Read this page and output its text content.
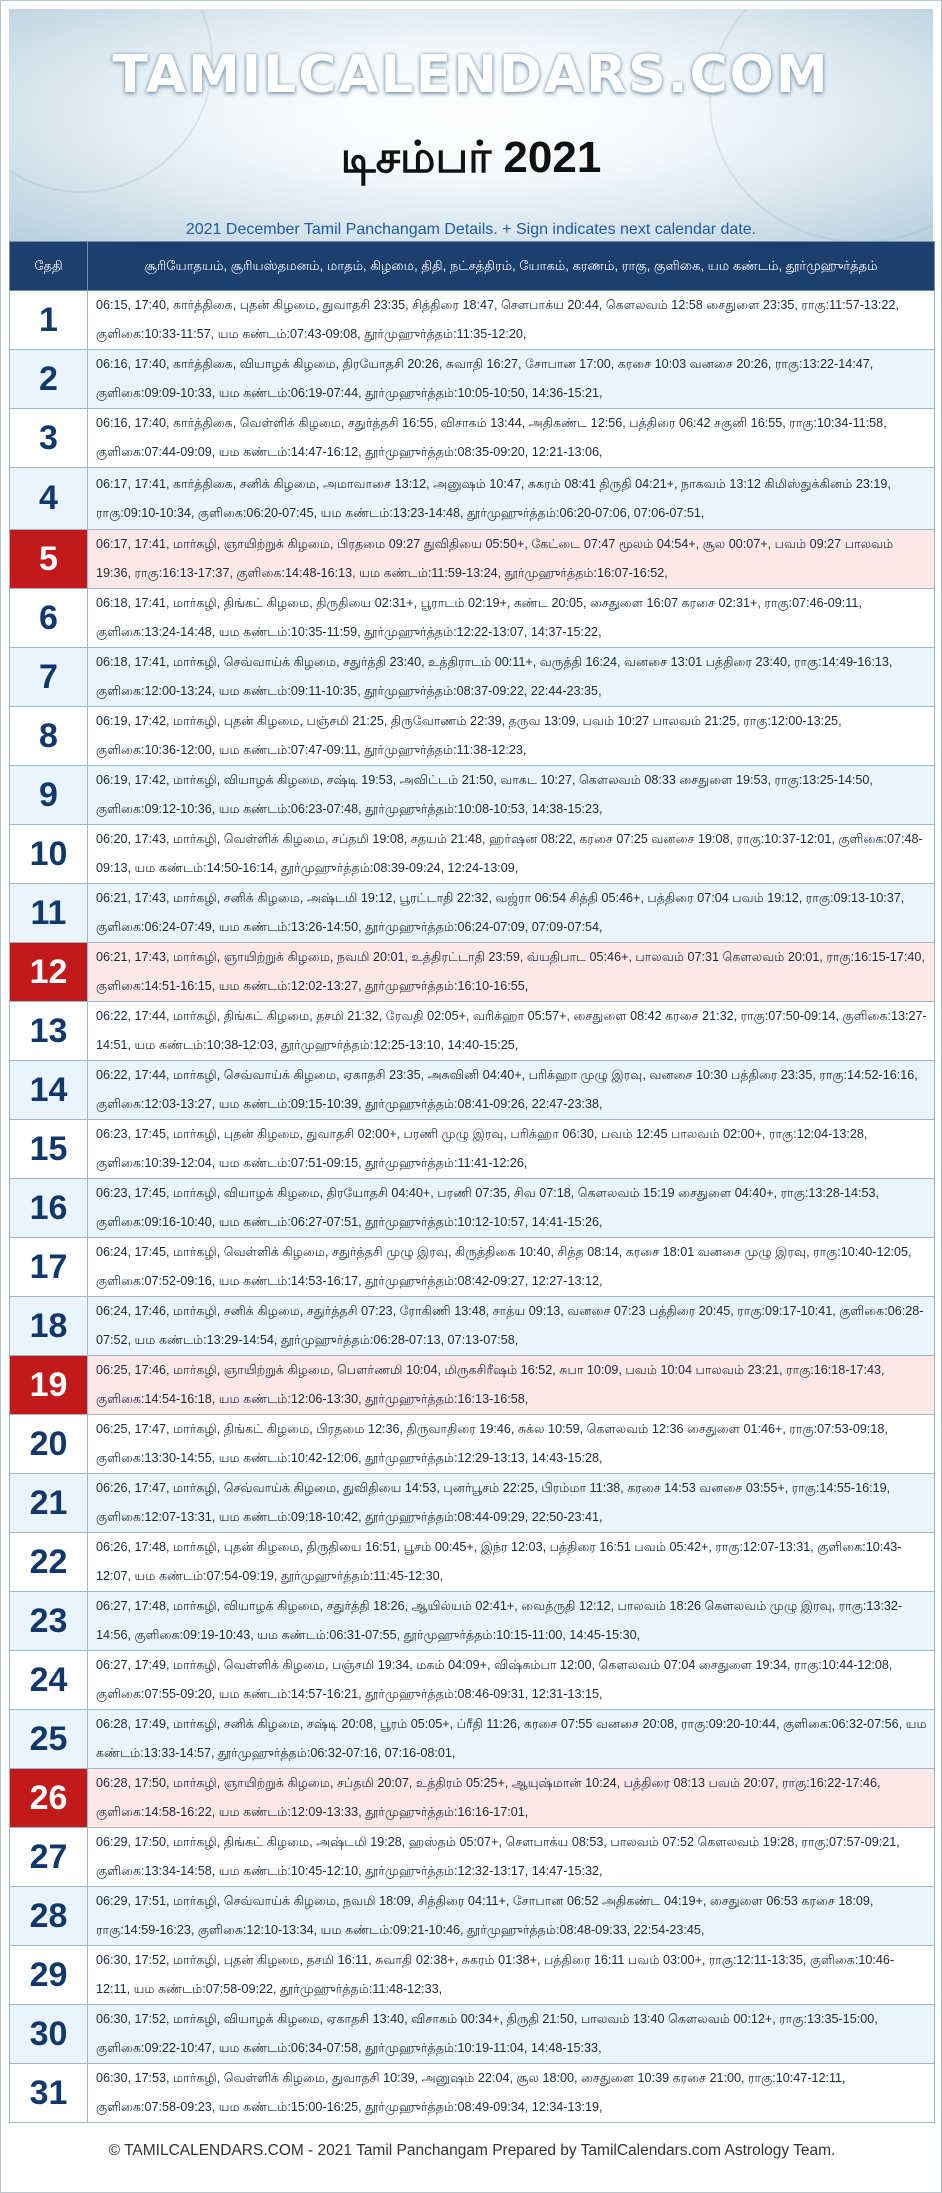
TAMILCALENDARS.COM
டிசம்பர் 2021
2021 December Tamil Panchangam Details. + Sign indicates next calendar date.
தேதி	சூரியோதயம், சூரியஸ்தமனம், மாதம், கிழமை, திதி, நட்சத்திரம், யோகம், கரணம், ராகு, குளிகை, யம கண்டம், தூர்முஹுர்த்தம்
1	06:15, 17:40, கார்த்திகை, புதன் கிழமை, துவாதசி 23:35, சித்திரை 18:47, சௌபாக்ய 20:44, கௌலவம் 12:58 சைதுளை 23:35, ராகு:11:57-13:22, குளிகை:10:33-11:57, யம கண்டம்:07:43-09:08, தூர்முஹுர்த்தம்:11:35-12:20,
2	06:16, 17:40, கார்த்திகை, வியாழக் கிழமை, திரயோதசி 20:26, சுவாதி 16:27, சோபான 17:00, கரசை 10:03 வனசை 20:26, ராகு:13:22-14:47, குளிகை:09:09-10:33, யம கண்டம்:06:19-07:44, தூர்முஹுர்த்தம்:10:05-10:50, 14:36-15:21,
3	06:16, 17:40, கார்த்திகை, வெள்ளிக் கிழமை, சதுர்த்தசி 16:55, விசாகம் 13:44, அதிகண்ட 12:56, பத்திரை 06:42 சகுனி 16:55, ராகு:10:34-11:58, குளிகை:07:44-09:09, யம கண்டம்:14:47-16:12, தூர்முஹுர்த்தம்:08:35-09:20, 12:21-13:06,
4	06:17, 17:41, கார்த்திகை, சனிக் கிழமை, அமாவாசை 13:12, அனுஷம் 10:47, சுகரம் 08:41 திருதி 04:21+, நாகவம் 13:12 கிமிஸ்துக்கினம் 23:19, ராகு:09:10-10:34, குளிகை:06:20-07:45, யம கண்டம்:13:23-14:48, தூர்முஹுர்த்தம்:06:20-07:06, 07:06-07:51,
5	06:17, 17:41, மார்கழி, ஞாயிற்றுக் கிழமை, பிரதமை 09:27 துவிதியை 05:50+, கேட்டை 07:47 மூலம் 04:54+, சூல 00:07+, பவம் 09:27 பாலவம் 19:36, ராகு:16:13-17:37, குளிகை:14:48-16:13, யம கண்டம்:11:59-13:24, தூர்முஹுர்த்தம்:16:07-16:52,
6	06:18, 17:41, மார்கழி, திங்கட் கிழமை, திருதியை 02:31+, பூராடம் 02:19+, கண்ட 20:05, சைதுளை 16:07 கரசை 02:31+, ராகு:07:46-09:11, குளிகை:13:24-14:48, யம கண்டம்:10:35-11:59, தூர்முஹுர்த்தம்:12:22-13:07, 14:37-15:22,
7	06:18, 17:41, மார்கழி, செவ்வாய்க் கிழமை, சதுர்த்தி 23:40, உத்திராடம் 00:11+, வருத்தி 16:24, வனசை 13:01 பத்திரை 23:40, ராகு:14:49-16:13, குளிகை:12:00-13:24, யம கண்டம்:09:11-10:35, தூர்முஹுர்த்தம்:08:37-09:22, 22:44-23:35,
8	06:19, 17:42, மார்கழி, புதன் கிழமை, பஞ்சமி 21:25, திருவோணம் 22:39, தருவ 13:09, பவம் 10:27 பாலவம் 21:25, ராகு:12:00-13:25, குளிகை:10:36-12:00, யம கண்டம்:07:47-09:11, தூர்முஹுர்த்தம்:11:38-12:23,
9	06:19, 17:42, மார்கழி, வியாழக் கிழமை, சஷ்டி 19:53, அவிட்டம் 21:50, வாகட 10:27, கௌலவம் 08:33 சைதுளை 19:53, ராகு:13:25-14:50, குளிகை:09:12-10:36, யம கண்டம்:06:23-07:48, தூர்முஹுர்த்தம்:10:08-10:53, 14:38-15:23,
10	06:20, 17:43, மார்கழி, வெள்ளிக் கிழமை, சப்தமி 19:08, சதயம் 21:48, ஹர்ஷன 08:22, கரசை 07:25 வனசை 19:08, ராகு:10:37-12:01, குளிகை:07:48-09:13, யம கண்டம்:14:50-16:14, தூர்முஹுர்த்தம்:08:39-09:24, 12:24-13:09,
11	06:21, 17:43, மார்கழி, சனிக் கிழமை, அஷ்டமி 19:12, பூரட்டாதி 22:32, வஜ்ரா 06:54 சித்தி 05:46+, பத்திரை 07:04 பவம் 19:12, ராகு:09:13-10:37, குளிகை:06:24-07:49, யம கண்டம்:13:26-14:50, தூர்முஹுர்த்தம்:06:24-07:09, 07:09-07:54,
12	06:21, 17:43, மார்கழி, ஞாயிற்றுக் கிழமை, நவமி 20:01, உத்திரட்டாதி 23:59, வ்யதிபாட 05:46+, பாலவம் 07:31 கௌலவம் 20:01, ராகு:16:15-17:40, குளிகை:14:51-16:15, யம கண்டம்:12:02-13:27, தூர்முஹுர்த்தம்:16:10-16:55,
13	06:22, 17:44, மார்கழி, திங்கட் கிழமை, தசமி 21:32, ரேவதி 02:05+, வரிக்ஹா 05:57+, சைதுளை 08:42 கரசை 21:32, ராகு:07:50-09:14, குளிகை:13:27-14:51, யம கண்டம்:10:38-12:03, தூர்முஹுர்த்தம்:12:25-13:10, 14:40-15:25,
14	06:22, 17:44, மார்கழி, செவ்வாய்க் கிழமை, ஏகாதசி 23:35, அசுவினி 04:40+, பரிக்ஹா முழு இரவு, வனசை 10:30 பத்திரை 23:35, ராகு:14:52-16:16, குளிகை:12:03-13:27, யம கண்டம்:09:15-10:39, தூர்முஹுர்த்தம்:08:41-09:26, 22:47-23:38,
15	06:23, 17:45, மார்கழி, புதன் கிழமை, துவாதசி 02:00+, பரணி முழு இரவு, பரிக்ஹா 06:30, பவம் 12:45 பாலவம் 02:00+, ராகு:12:04-13:28, குளிகை:10:39-12:04, யம கண்டம்:07:51-09:15, தூர்முஹுர்த்தம்:11:41-12:26,
16	06:23, 17:45, மார்கழி, வியாழக் கிழமை, திரயோதசி 04:40+, பரணி 07:35, சிவ 07:18, கௌலவம் 15:19 சைதுளை 04:40+, ராகு:13:28-14:53, குளிகை:09:16-10:40, யம கண்டம்:06:27-07:51, தூர்முஹுர்த்தம்:10:12-10:57, 14:41-15:26,
17	06:24, 17:45, மார்கழி, வெள்ளிக் கிழமை, சதுர்த்தசி முழு இரவு, கிருத்திகை 10:40, சித்த 08:14, கரசை 18:01 வனசை முழு இரவு, ராகு:10:40-12:05, குளிகை:07:52-09:16, யம கண்டம்:14:53-16:17, தூர்முஹுர்த்தம்:08:42-09:27, 12:27-13:12,
18	06:24, 17:46, மார்கழி, சனிக் கிழமை, சதுர்த்தசி 07:23, ரோகிணி 13:48, சாத்ய 09:13, வனசை 07:23 பத்திரை 20:45, ராகு:09:17-10:41, குளிகை:06:28-07:52, யம கண்டம்:13:29-14:54, தூர்முஹுர்த்தம்:06:28-07:13, 07:13-07:58,
19	06:25, 17:46, மார்கழி, ஞாயிற்றுக் கிழமை, பௌர்ணமி 10:04, மிருகசிரீஷம் 16:52, சுபா 10:09, பவம் 10:04 பாலவம் 23:21, ராகு:16:18-17:43, குளிகை:14:54-16:18, யம கண்டம்:12:06-13:30, தூர்முஹுர்த்தம்:16:13-16:58,
20	06:25, 17:47, மார்கழி, திங்கட் கிழமை, பிரதமை 12:36, திருவாதிரை 19:46, சுக்ல 10:59, கௌலவம் 12:36 சைதுளை 01:46+, ராகு:07:53-09:18, குளிகை:13:30-14:55, யம கண்டம்:10:42-12:06, தூர்முஹுர்த்தம்:12:29-13:13, 14:43-15:28,
21	06:26, 17:47, மார்கழி, செவ்வாய்க் கிழமை, துவிதியை 14:53, புனர்பூசம் 22:25, பிரம்மா 11:38, கரசை 14:53 வனசை 03:55+, ராகு:14:55-16:19, குளிகை:12:07-13:31, யம கண்டம்:09:18-10:42, தூர்முஹுர்த்தம்:08:44-09:29, 22:50-23:41,
22	06:26, 17:48, மார்கழி, புதன் கிழமை, திருதியை 16:51, பூசம் 00:45+, இந்ர 12:03, பத்திரை 16:51 பவம் 05:42+, ராகு:12:07-13:31, குளிகை:10:43-12:07, யம கண்டம்:07:54-09:19, தூர்முஹுர்த்தம்:11:45-12:30,
23	06:27, 17:48, மார்கழி, வியாழக் கிழமை, சதுர்த்தி 18:26, ஆயில்யம் 02:41+, வைத்ருதி 12:12, பாலவம் 18:26 கௌலவம் முழு இரவு, ராகு:13:32-14:56, குளிகை:09:19-10:43, யம கண்டம்:06:31-07:55, தூர்முஹுர்த்தம்:10:15-11:00, 14:45-15:30,
24	06:27, 17:49, மார்கழி, வெள்ளிக் கிழமை, பஞ்சமி 19:34, மகம் 04:09+, விஷ்கம்பா 12:00, கௌலவம் 07:04 சைதுளை 19:34, ராகு:10:44-12:08, குளிகை:07:55-09:20, யம கண்டம்:14:57-16:21, தூர்முஹுர்த்தம்:08:46-09:31, 12:31-13:15,
25	06:28, 17:49, மார்கழி, சனிக் கிழமை, சஷ்டி 20:08, பூரம் 05:05+, ப்ரீதி 11:26, கரசை 07:55 வனசை 20:08, ராகு:09:20-10:44, குளிகை:06:32-07:56, யம கண்டம்:13:33-14:57, தூர்முஹுர்த்தம்:06:32-07:16, 07:16-08:01,
26	06:28, 17:50, மார்கழி, ஞாயிற்றுக் கிழமை, சப்தமி 20:07, உத்திரம் 05:25+, ஆயுஷ்மான் 10:24, பத்திரை 08:13 பவம் 20:07, ராகு:16:22-17:46, குளிகை:14:58-16:22, யம கண்டம்:12:09-13:33, தூர்முஹுர்த்தம்:16:16-17:01,
27	06:29, 17:50, மார்கழி, திங்கட் கிழமை, அஷ்டமி 19:28, ஹஸ்தம் 05:07+, சௌபாக்ய 08:53, பாலவம் 07:52 கௌலவம் 19:28, ராகு:07:57-09:21, குளிகை:13:34-14:58, யம கண்டம்:10:45-12:10, தூர்முஹுர்த்தம்:12:32-13:17, 14:47-15:32,
28	06:29, 17:51, மார்கழி, செவ்வாய்க் கிழமை, நவமி 18:09, சித்திரை 04:11+, சோபான 06:52 அதிகண்ட 04:19+, சைதுளை 06:53 கரசை 18:09, ராகு:14:59-16:23, குளிகை:12:10-13:34, யம கண்டம்:09:21-10:46, தூர்முஹுர்த்தம்:08:48-09:33, 22:54-23:45,
29	06:30, 17:52, மார்கழி, புதன் கிழமை, தசமி 16:11, சுவாதி 02:38+, சுகரம் 01:38+, பத்திரை 16:11 பவம் 03:00+, ராகு:12:11-13:35, குளிகை:10:46-12:11, யம கண்டம்:07:58-09:22, தூர்முஹுர்த்தம்:11:48-12:33,
30	06:30, 17:52, மார்கழி, வியாழக் கிழமை, ஏகாதசி 13:40, விசாகம் 00:34+, திருதி 21:50, பாலவம் 13:40 கௌலவம் 00:12+, ராகு:13:35-15:00, குளிகை:09:22-10:47, யம கண்டம்:06:34-07:58, தூர்முஹுர்த்தம்:10:19-11:04, 14:48-15:33,
31	06:30, 17:53, மார்கழி, வெள்ளிக் கிழமை, துவாதசி 10:39, அனுஷம் 22:04, சூல 18:00, சைதுளை 10:39 கரசை 21:00, ராகு:10:47-12:11, குளிகை:07:58-09:23, யம கண்டம்:15:00-16:25, தூர்முஹுர்த்தம்:08:49-09:34, 12:34-13:19,
© TAMILCALENDARS.COM - 2021 Tamil Panchangam Prepared by TamilCalendars.com Astrology Team.
